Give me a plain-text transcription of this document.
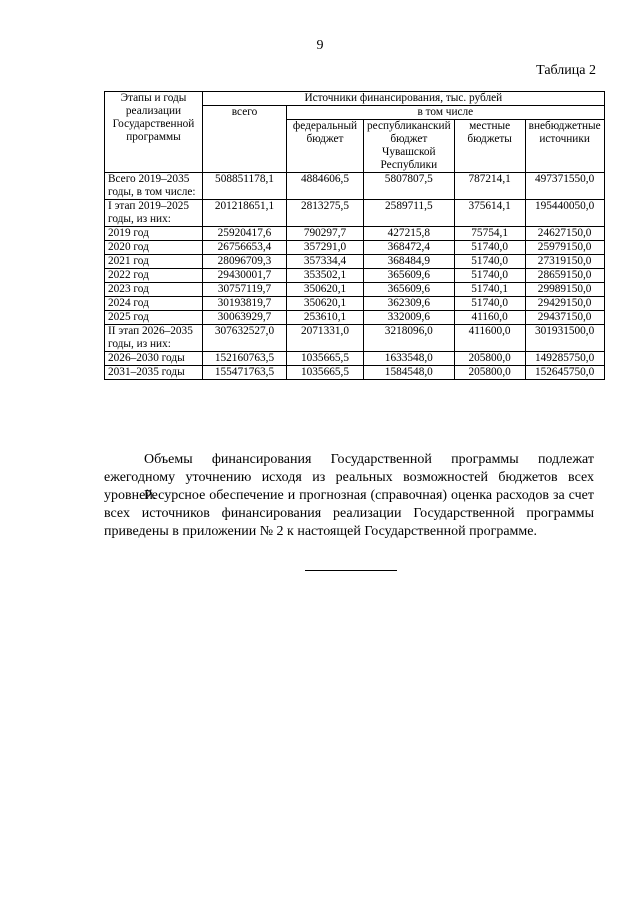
9
Таблица 2
Этапы и годы реализации Государственной программы	Источники финансирования, тыс. рублей				
	всего	в том числе			
		федеральный бюджет	республиканский бюджет Чувашской Республики	местные бюджеты	внебюджетные источники
Всего 2019–2035 годы, в том числе:	508851178,1	4884606,5	5807807,5	787214,1	497371550,0
I этап 2019–2025 годы, из них:	201218651,1	2813275,5	2589711,5	375614,1	195440050,0
2019 год	25920417,6	790297,7	427215,8	75754,1	24627150,0
2020 год	26756653,4	357291,0	368472,4	51740,0	25979150,0
2021 год	28096709,3	357334,4	368484,9	51740,0	27319150,0
2022 год	29430001,7	353502,1	365609,6	51740,0	28659150,0
2023 год	30757119,7	350620,1	365609,6	51740,1	29989150,0
2024 год	30193819,7	350620,1	362309,6	51740,0	29429150,0
2025 год	30063929,7	253610,1	332009,6	41160,0	29437150,0
II этап 2026–2035 годы, из них:	307632527,0	2071331,0	3218096,0	411600,0	301931500,0
2026–2030 годы	152160763,5	1035665,5	1633548,0	205800,0	149285750,0
2031–2035 годы	155471763,5	1035665,5	1584548,0	205800,0	152645750,0
Объемы финансирования Государственной программы подлежат ежегодному уточнению исходя из реальных возможностей бюджетов всех уровней.
Ресурсное обеспечение и прогнозная (справочная) оценка расходов за счет всех источников финансирования реализации Государственной программы приведены в приложении № 2 к настоящей Государственной программе.
